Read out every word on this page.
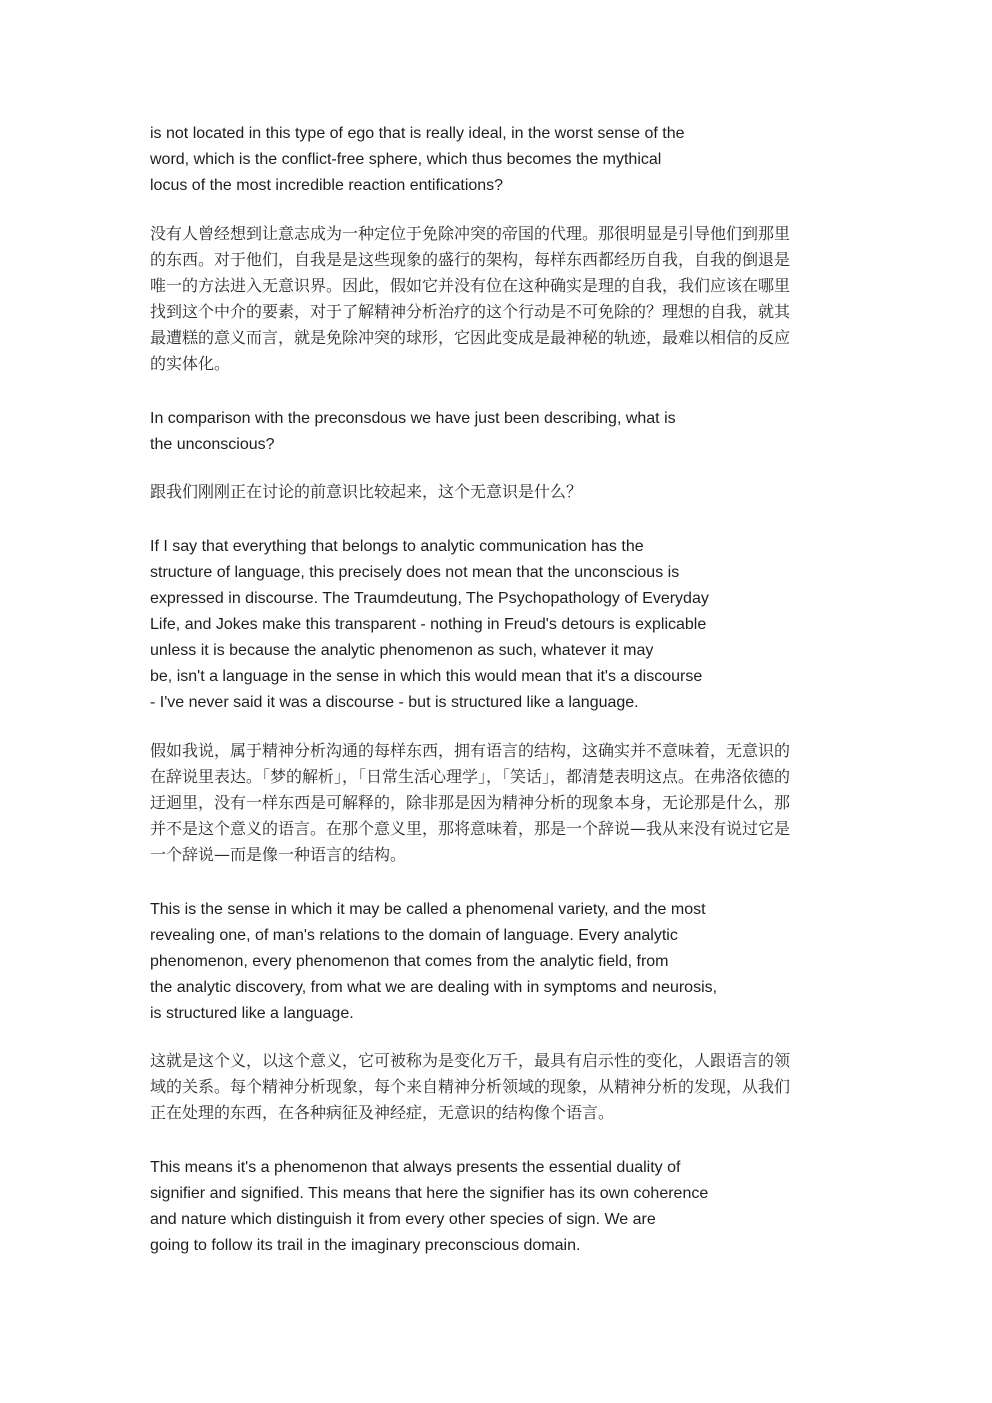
is not located in this type of ego that is really ideal, in the worst sense of the
word, which is the conflict-free sphere, which thus becomes the mythical
locus of the most incredible reaction entifications?

没有人曾经想到让意志成为一种定位于免除冲突的帝国的代理。那很明显是引导他们到那里
的东西。对于他们，自我是是这些现象的盛行的架构，每样东西都经历自我，自我的倒退是
唯一的方法进入无意识界。因此，假如它并没有位在这种确实是理的自我，我们应该在哪里
找到这个中介的要素，对于了解精神分析治疗的这个行动是不可免除的？理想的自我，就其
最遭糕的意义而言，就是免除冲突的球形，它因此变成是最神秘的轨迹，最难以相信的反应
的实体化。

In comparison with the preconsdous we have just been describing, what is
the unconscious?

跟我们刚刚正在讨论的前意识比较起来，这个无意识是什么？

If I say that everything that belongs to analytic communication has the
structure of language, this precisely does not mean that the unconscious is
expressed in discourse. The Traumdeutung, The Psychopathology of Everyday
Life, and Jokes make this transparent - nothing in Freud's detours is explicable
unless it is because the analytic phenomenon as such, whatever it may
be, isn't a language in the sense in which this would mean that it's a discourse
- I've never said it was a discourse - but is structured like a language.

假如我说，属于精神分析沟通的每样东西，拥有语言的结构，这确实并不意味着，无意识的
在辞说里表达。「梦的解析」，「日常生活心理学」，「笑话」，都清楚表明这点。在弗洛依德的
迂迴里，没有一样东西是可解释的，除非那是因为精神分析的现象本身，无论那是什么，那
并不是这个意义的语言。在那个意义里，那将意味着，那是一个辞说—我从来没有说过它是
一个辞说—而是像一种语言的结构。

This is the sense in which it may be called a phenomenal variety, and the most
revealing one, of man's relations to the domain of language. Every analytic
phenomenon, every phenomenon that comes from the analytic field, from
the analytic discovery, from what we are dealing with in symptoms and neurosis,
is structured like a language.

这就是这个义，以这个意义，它可被称为是变化万千，最具有启示性的变化，人跟语言的领
域的关系。每个精神分析现象，每个来自精神分析领域的现象，从精神分析的发现，从我们
正在处理的东西，在各种病征及神经症，无意识的结构像个语言。

This means it's a phenomenon that always presents the essential duality of
signifier and signified. This means that here the signifier has its own coherence
and nature which distinguish it from every other species of sign. We are
going to follow its trail in the imaginary preconscious domain.
